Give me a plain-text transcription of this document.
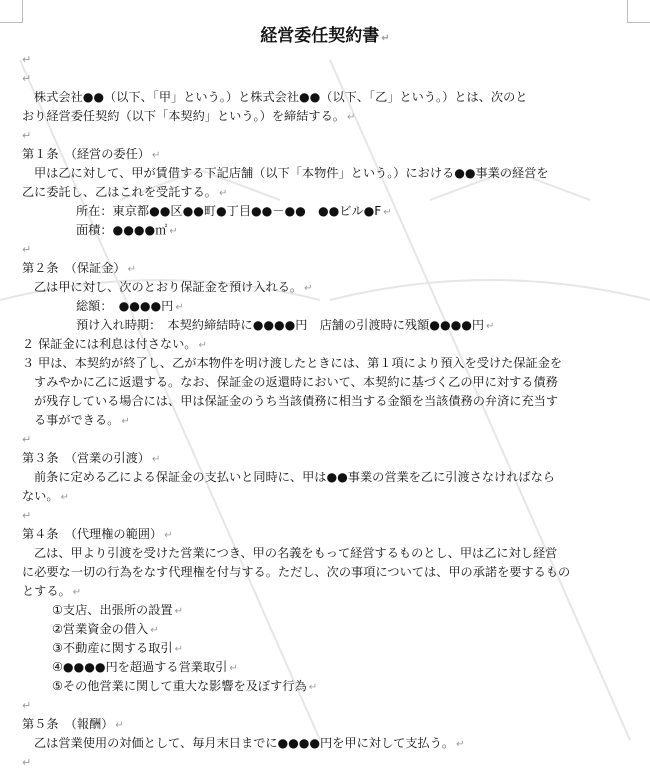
経営委任契約書 ↵
↵
↵
株式会社●●（以下、「甲」という。）と株式会社●●（以下、「乙」という。）とは、次のと
おり経営委任契約（以下「本契約」という。）を締結する。 ↵
↵
第１条　（経営の委任） ↵
甲は乙に対して、甲が賃借する下記店舗（以下「本物件」という。）における●●事業の経営を
乙に委託し、乙はこれを受託する。 ↵
所在：東京都●●区●●町●丁目●●－●●　●●ビル●F ↵
面積：●●●●㎡ ↵
↵
第２条　（保証金） ↵
乙は甲に対し、次のとおり保証金を預け入れる。 ↵
総額：　●●●●円 ↵
預け入れ時期：　本契約締結時に●●●●円　店舗の引渡時に残額●●●●円 ↵
２ 保証金には利息は付さない。 ↵
３ 甲は、本契約が終了し、乙が本物件を明け渡したときには、第１項により預入を受けた保証金を
すみやかに乙に返還する。なお、保証金の返還時において、本契約に基づく乙の甲に対する債務
が残存している場合には、甲は保証金のうち当該債務に相当する金額を当該債務の弁済に充当す
る事ができる。 ↵
↵
第３条　（営業の引渡） ↵
前条に定める乙による保証金の支払いと同時に、甲は●●事業の営業を乙に引渡さなければなら
ない。 ↵
↵
第４条　（代理権の範囲） ↵
乙は、甲より引渡を受けた営業につき、甲の名義をもって経営するものとし、甲は乙に対し経営
に必要な一切の行為をなす代理権を付与する。ただし、次の事項については、甲の承諾を要するもの
とする。 ↵
①支店、出張所の設置 ↵
②営業資金の借入 ↵
③不動産に関する取引 ↵
④●●●●円を超過する営業取引 ↵
⑤その他営業に関して重大な影響を及ぼす行為 ↵
↵
第５条　（報酬） ↵
乙は営業使用の対価として、毎月末日までに●●●●円を甲に対して支払う。 ↵
↵
